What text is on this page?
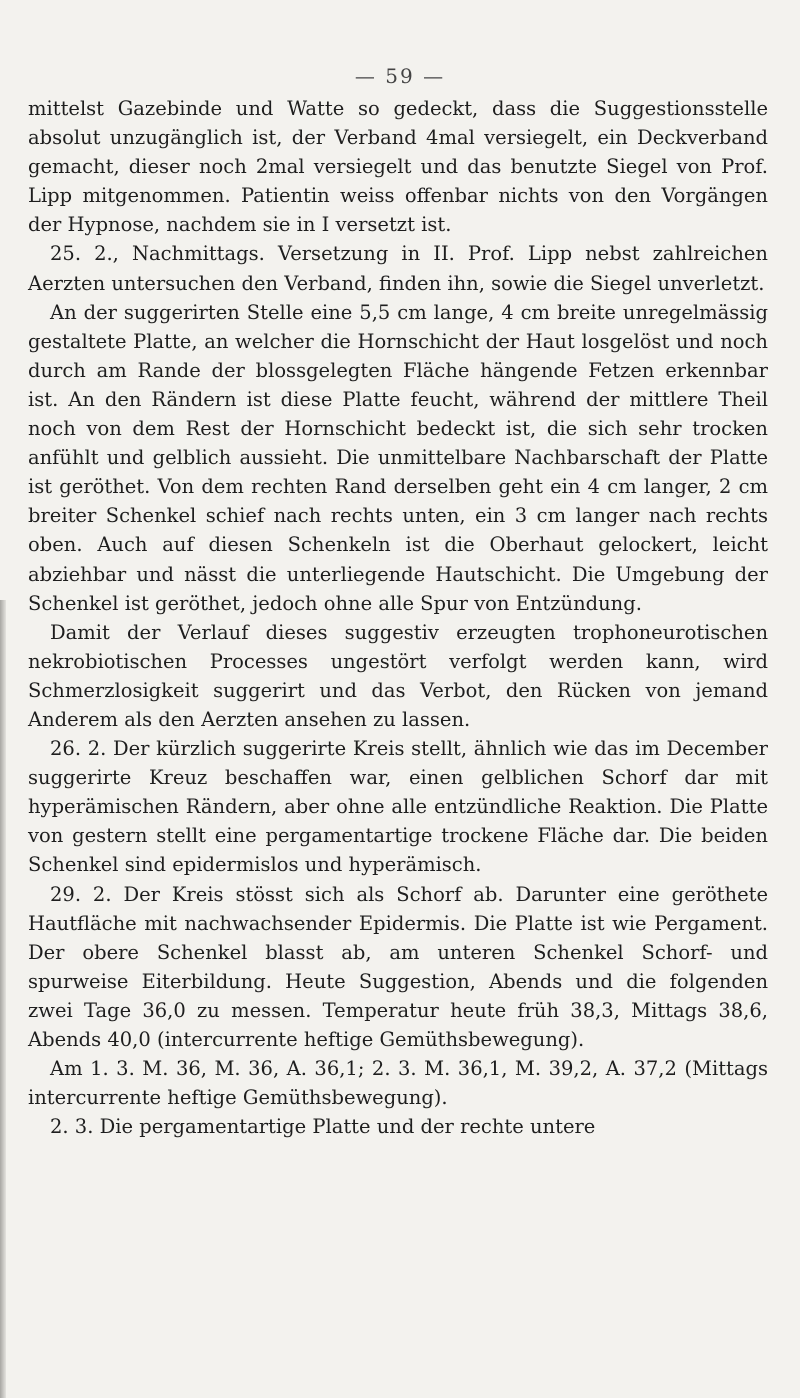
— 59 —

mittelst Gazebinde und Watte so gedeckt, dass die Suggestionsstelle absolut unzugänglich ist, der Verband 4mal versiegelt, ein Deckverband gemacht, dieser noch 2mal versiegelt und das benutzte Siegel von Prof. Lipp mitgenommen. Patientin weiss offenbar nichts von den Vorgängen der Hypnose, nachdem sie in I versetzt ist.

25. 2., Nachmittags. Versetzung in II. Prof. Lipp nebst zahlreichen Aerzten untersuchen den Verband, finden ihn, sowie die Siegel unverletzt.

An der suggerirten Stelle eine 5,5 cm lange, 4 cm breite unregelmässig gestaltete Platte, an welcher die Hornschicht der Haut losgelöst und noch durch am Rande der blossgelegten Fläche hängende Fetzen erkennbar ist. An den Rändern ist diese Platte feucht, während der mittlere Theil noch von dem Rest der Hornschicht bedeckt ist, die sich sehr trocken anfühlt und gelblich aussieht. Die unmittelbare Nachbarschaft der Platte ist geröthet. Von dem rechten Rand derselben geht ein 4 cm langer, 2 cm breiter Schenkel schief nach rechts unten, ein 3 cm langer nach rechts oben. Auch auf diesen Schenkeln ist die Oberhaut gelockert, leicht abziehbar und nässt die unterliegende Hautschicht. Die Umgebung der Schenkel ist geröthet, jedoch ohne alle Spur von Entzündung.

Damit der Verlauf dieses suggestiv erzeugten trophoneurotischen nekrobiotischen Processes ungestört verfolgt werden kann, wird Schmerzlosigkeit suggerirt und das Verbot, den Rücken von jemand Anderem als den Aerzten ansehen zu lassen.

26. 2. Der kürzlich suggerirte Kreis stellt, ähnlich wie das im December suggerirte Kreuz beschaffen war, einen gelblichen Schorf dar mit hyperämischen Rändern, aber ohne alle entzündliche Reaktion. Die Platte von gestern stellt eine pergamentartige trockene Fläche dar. Die beiden Schenkel sind epidermislos und hyperämisch.

29. 2. Der Kreis stösst sich als Schorf ab. Darunter eine geröthete Hautfläche mit nachwachsender Epidermis. Die Platte ist wie Pergament. Der obere Schenkel blasst ab, am unteren Schenkel Schorf- und spurweise Eiterbildung. Heute Suggestion, Abends und die folgenden zwei Tage 36,0 zu messen. Temperatur heute früh 38,3, Mittags 38,6, Abends 40,0 (intercurrente heftige Gemüthsbewegung).

Am 1. 3. M. 36, M. 36, A. 36,1; 2. 3. M. 36,1, M. 39,2, A. 37,2 (Mittags intercurrente heftige Gemüthsbewegung).

2. 3. Die pergamentartige Platte und der rechte untere
